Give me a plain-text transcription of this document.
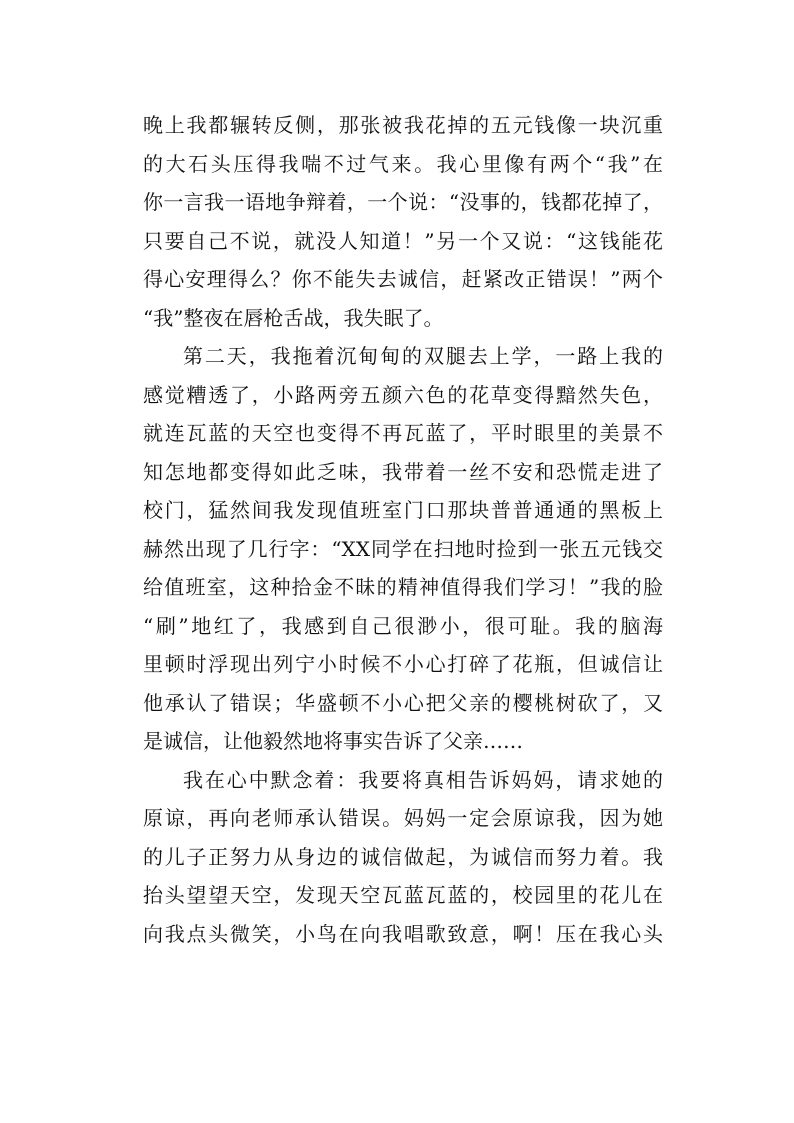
晚上我都辗转反侧，那张被我花掉的五元钱像一块沉重
的大石头压得我喘不过气来。我心里像有两个“我”在
你一言我一语地争辩着，一个说：“没事的，钱都花掉了，
只要自己不说，就没人知道！”另一个又说：“这钱能花
得心安理得么？你不能失去诚信，赶紧改正错误！”两个
“我”整夜在唇枪舌战，我失眠了。
第二天，我拖着沉甸甸的双腿去上学，一路上我的
感觉糟透了，小路两旁五颜六色的花草变得黯然失色，
就连瓦蓝的天空也变得不再瓦蓝了，平时眼里的美景不
知怎地都变得如此乏味，我带着一丝不安和恐慌走进了
校门，猛然间我发现值班室门口那块普普通通的黑板上
赫然出现了几行字：“XX同学在扫地时捡到一张五元钱交
给值班室，这种拾金不昧的精神值得我们学习！”我的脸
“刷”地红了，我感到自己很渺小，很可耻。我的脑海
里顿时浮现出列宁小时候不小心打碎了花瓶，但诚信让
他承认了错误；华盛顿不小心把父亲的樱桃树砍了，又
是诚信，让他毅然地将事实告诉了父亲……
我在心中默念着：我要将真相告诉妈妈，请求她的
原谅，再向老师承认错误。妈妈一定会原谅我，因为她
的儿子正努力从身边的诚信做起，为诚信而努力着。我
抬头望望天空，发现天空瓦蓝瓦蓝的，校园里的花儿在
向我点头微笑，小鸟在向我唱歌致意，啊！压在我心头
